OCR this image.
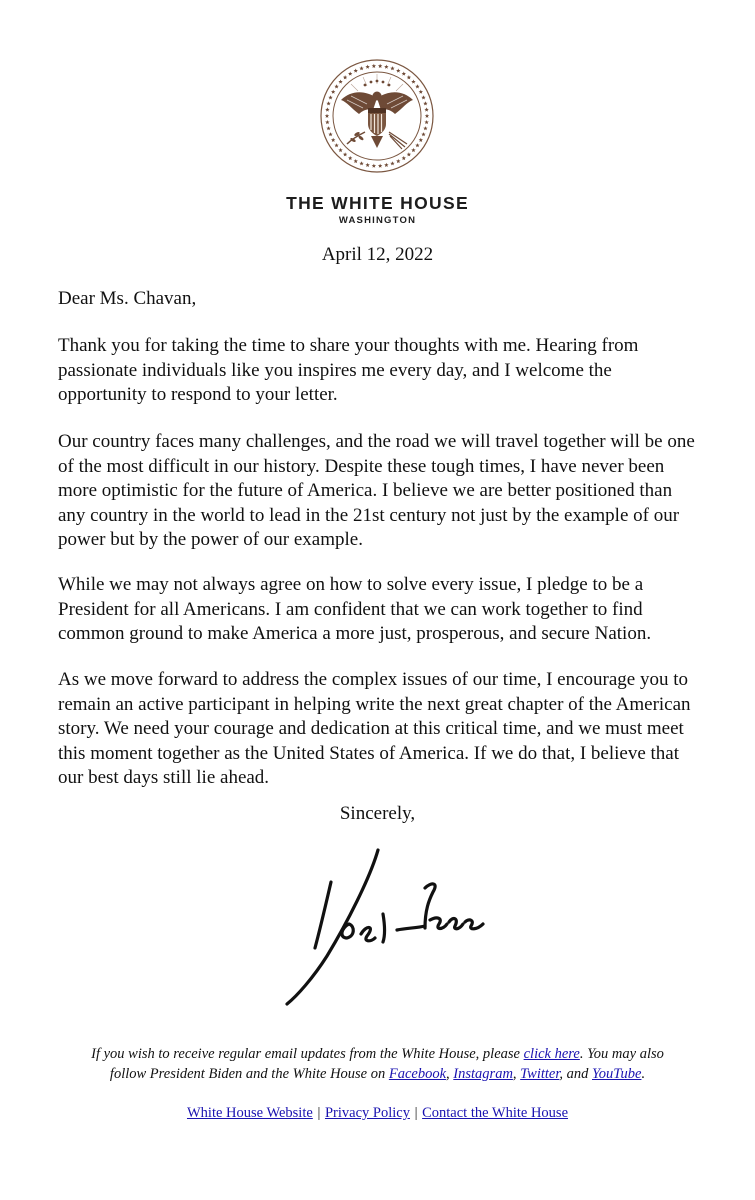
THE WHITE HOUSE
WASHINGTON
April 12, 2022
Dear Ms. Chavan,

Thank you for taking the time to share your thoughts with me. Hearing from
passionate individuals like you inspires me every day, and I welcome the
opportunity to respond to your letter.

Our country faces many challenges, and the road we will travel together will be one
of the most difficult in our history. Despite these tough times, I have never been
more optimistic for the future of America. I believe we are better positioned than
any country in the world to lead in the 21st century not just by the example of our
power but by the power of our example.

While we may not always agree on how to solve every issue, I pledge to be a
President for all Americans. I am confident that we can work together to find
common ground to make America a more just, prosperous, and secure Nation.

As we move forward to address the complex issues of our time, I encourage you to
remain an active participant in helping write the next great chapter of the American
story. We need your courage and dedication at this critical time, and we must meet
this moment together as the United States of America. If we do that, I believe that
our best days still lie ahead.

Sincerely,
If you wish to receive regular email updates from the White House, please click here. You may also
follow President Biden and the White House on Facebook, Instagram, Twitter, and YouTube.
White House Website | Privacy Policy | Contact the White House
